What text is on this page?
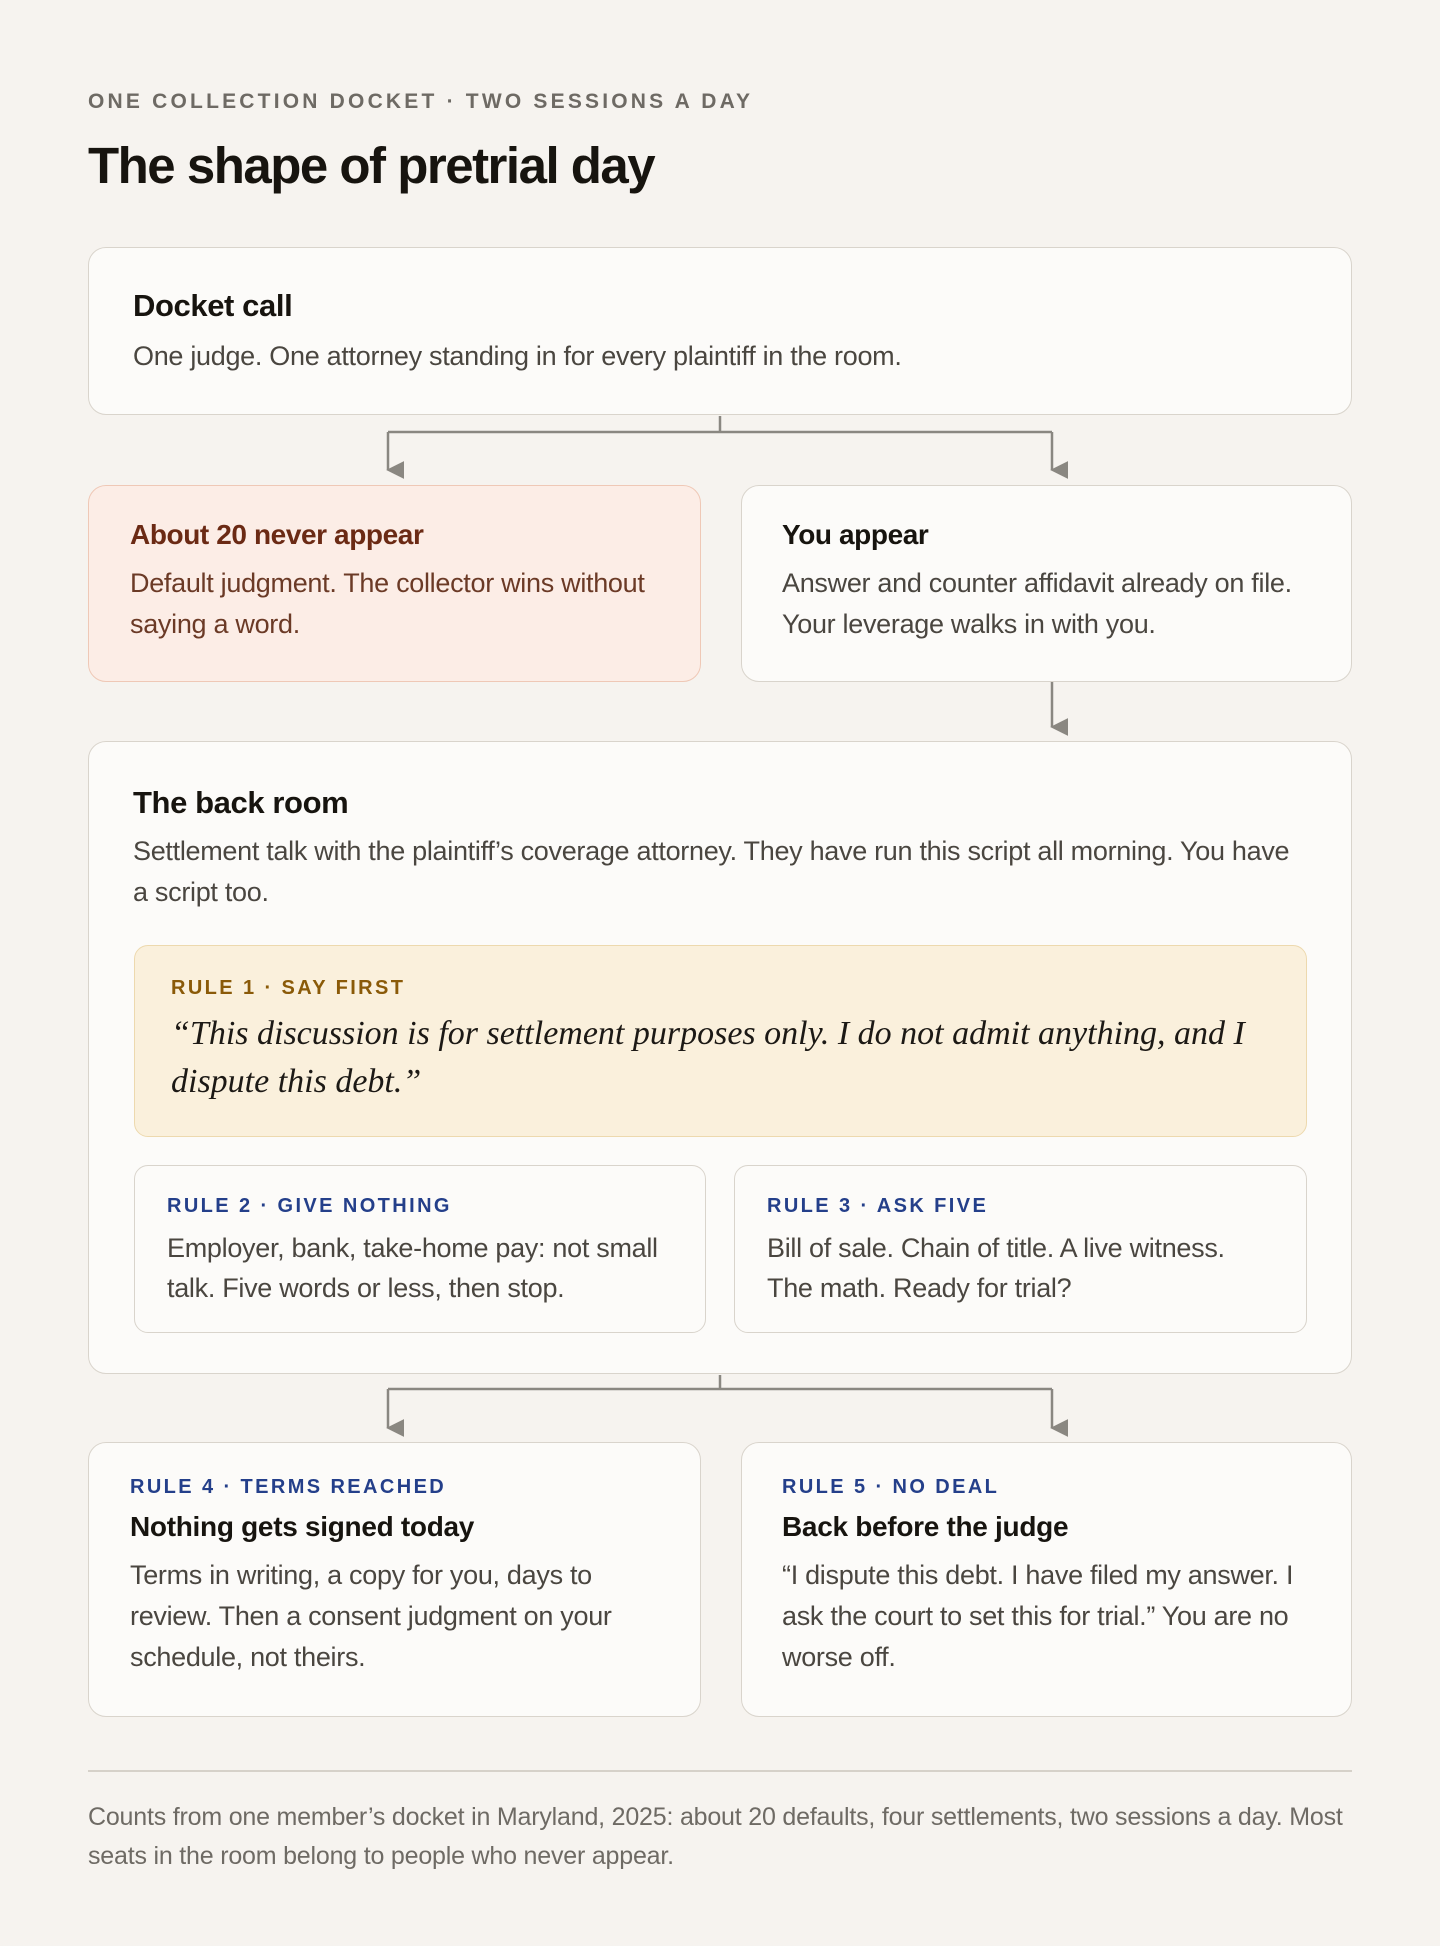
ONE COLLECTION DOCKET · TWO SESSIONS A DAY
The shape of pretrial day
Docket call

One judge. One attorney standing in for every plaintiff in the room.

About 20 never appear

Default judgment. The collector wins without saying a word.

You appear

Answer and counter affidavit already on file. Your leverage walks in with you.

The back room

Settlement talk with the plaintiff’s coverage attorney. They have run this script all morning. You have a script too.

RULE 1 · SAY FIRST
“This discussion is for settlement purposes only. I do not admit anything, and I dispute this debt.”
RULE 2 · GIVE NOTHING

Employer, bank, take-home pay: not small talk. Five words or less, then stop.

RULE 3 · ASK FIVE

Bill of sale. Chain of title. A live witness. The math. Ready for trial?

RULE 4 · TERMS REACHED
Nothing gets signed today

Terms in writing, a copy for you, days to review. Then a consent judgment on your schedule, not theirs.

RULE 5 · NO DEAL
Back before the judge

“I dispute this debt. I have filed my answer. I ask the court to set this for trial.” You are no worse off.

Counts from one member’s docket in Maryland, 2025: about 20 defaults, four settlements, two sessions a day. Most seats in the room belong to people who never appear.
